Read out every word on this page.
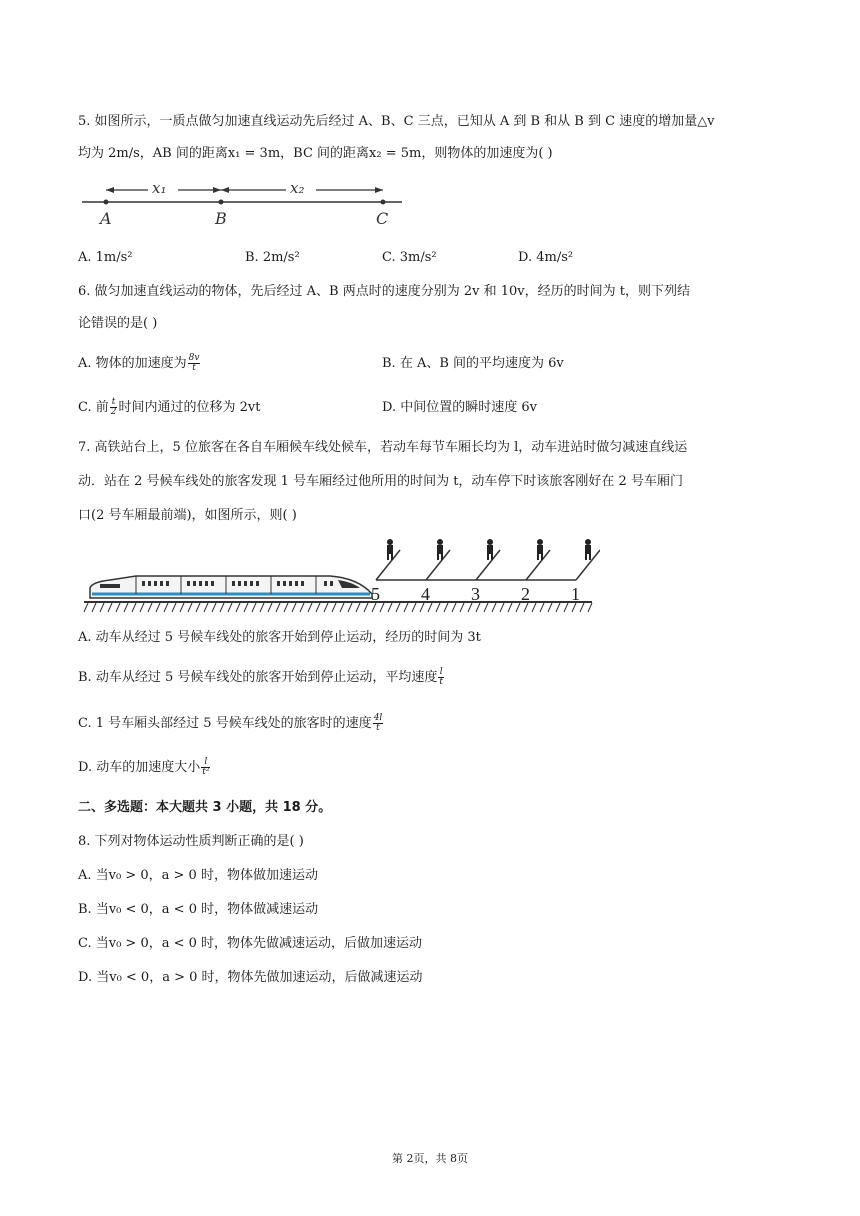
5. 如图所示，一质点做匀加速直线运动先后经过 A、B、C 三点，已知从 A 到 B 和从 B 到 C 速度的增加量△v
均为 2m/s，AB 间的距离x₁ = 3m，BC 间的距离x₂ = 5m，则物体的加速度为( )
x₁	x₂
A	B	C
A. 1m/s²	B. 2m/s²	C. 3m/s²	D. 4m/s²
6. 做匀加速直线运动的物体，先后经过 A、B 两点时的速度分别为 2v 和 10v，经历的时间为 t，则下列结
论错误的是( )
A. 物体的加速度为 $\frac{8v}{t}$	B. 在 A、B 间的平均速度为 6v
C. 前 $\frac{t}{2}$ 时间内通过的位移为 2vt	D. 中间位置的瞬时速度 6v
7. 高铁站台上，5 位旅客在各自车厢候车线处候车，若动车每节车厢长均为 l，动车进站时做匀减速直线运
动．站在 2 号候车线处的旅客发现 1 号车厢经过他所用的时间为 t，动车停下时该旅客刚好在 2 号车厢门
口(2 号车厢最前端)，如图所示，则( )
5 4 3 2 1
A. 动车从经过 5 号候车线处的旅客开始到停止运动，经历的时间为 3t
B. 动车从经过 5 号候车线处的旅客开始到停止运动，平均速度 $\frac{l}{t}$
C. 1 号车厢头部经过 5 号候车线处的旅客时的速度 $\frac{4l}{t}$
D. 动车的加速度大小 $\frac{l}{\text{t²}}$
二、多选题：本大题共 3 小题，共 18 分。
8. 下列对物体运动性质判断正确的是( )
A. 当v₀ > 0，a > 0 时，物体做加速运动
B. 当v₀ < 0，a < 0 时，物体做减速运动
C. 当v₀ > 0，a < 0 时，物体先做减速运动，后做加速运动
D. 当v₀ < 0，a > 0 时，物体先做加速运动，后做减速运动
第 2页，共 8页
